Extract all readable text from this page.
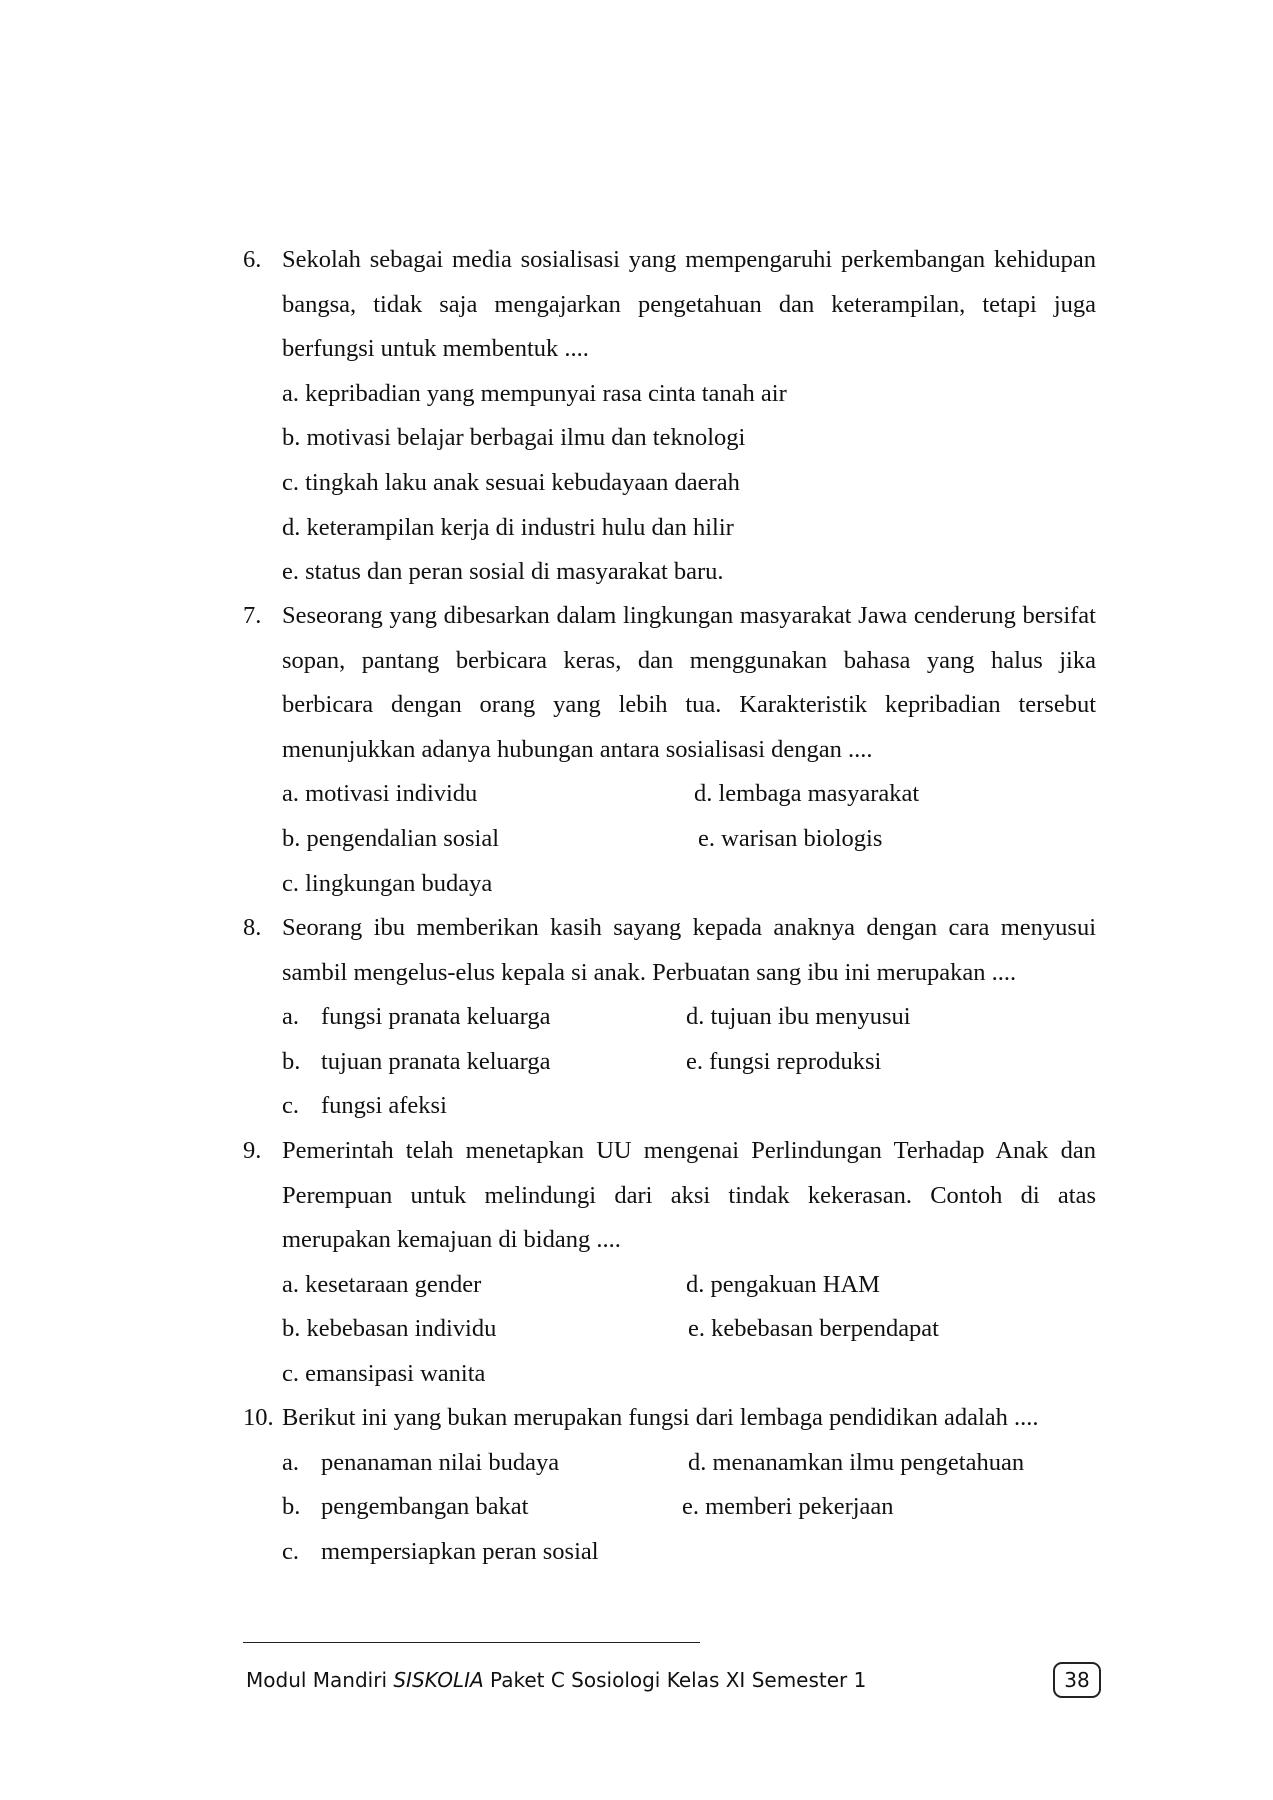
6. Sekolah sebagai media sosialisasi yang mempengaruhi perkembangan kehidupan bangsa, tidak saja mengajarkan pengetahuan dan keterampilan, tetapi juga berfungsi untuk membentuk ....
a. kepribadian yang mempunyai rasa cinta tanah air
b. motivasi belajar berbagai ilmu dan teknologi
c. tingkah laku anak sesuai kebudayaan daerah
d. keterampilan kerja di industri hulu dan hilir
e. status dan peran sosial di masyarakat baru.
7. Seseorang yang dibesarkan dalam lingkungan masyarakat Jawa cenderung bersifat sopan, pantang berbicara keras, dan menggunakan bahasa yang halus jika berbicara dengan orang yang lebih tua. Karakteristik kepribadian tersebut menunjukkan adanya hubungan antara sosialisasi dengan ....
a. motivasi individu	d. lembaga masyarakat
b. pengendalian sosial	e. warisan biologis
c. lingkungan budaya
8. Seorang ibu memberikan kasih sayang kepada anaknya dengan cara menyusui sambil mengelus-elus kepala si anak. Perbuatan sang ibu ini merupakan ....
a. fungsi pranata keluarga	d. tujuan ibu menyusui
b. tujuan pranata keluarga	e. fungsi reproduksi
c. fungsi afeksi
9. Pemerintah telah menetapkan UU mengenai Perlindungan Terhadap Anak dan Perempuan untuk melindungi dari aksi tindak kekerasan. Contoh di atas merupakan kemajuan di bidang ....
a. kesetaraan gender	d. pengakuan HAM
b. kebebasan individu	e. kebebasan berpendapat
c. emansipasi wanita
10. Berikut ini yang bukan merupakan fungsi dari lembaga pendidikan adalah ....
a. penanaman nilai budaya	d. menanamkan ilmu pengetahuan
b. pengembangan bakat	e. memberi pekerjaan
c. mempersiapkan peran sosial
Modul Mandiri SISKOLIA Paket C Sosiologi Kelas XI Semester 1	38
